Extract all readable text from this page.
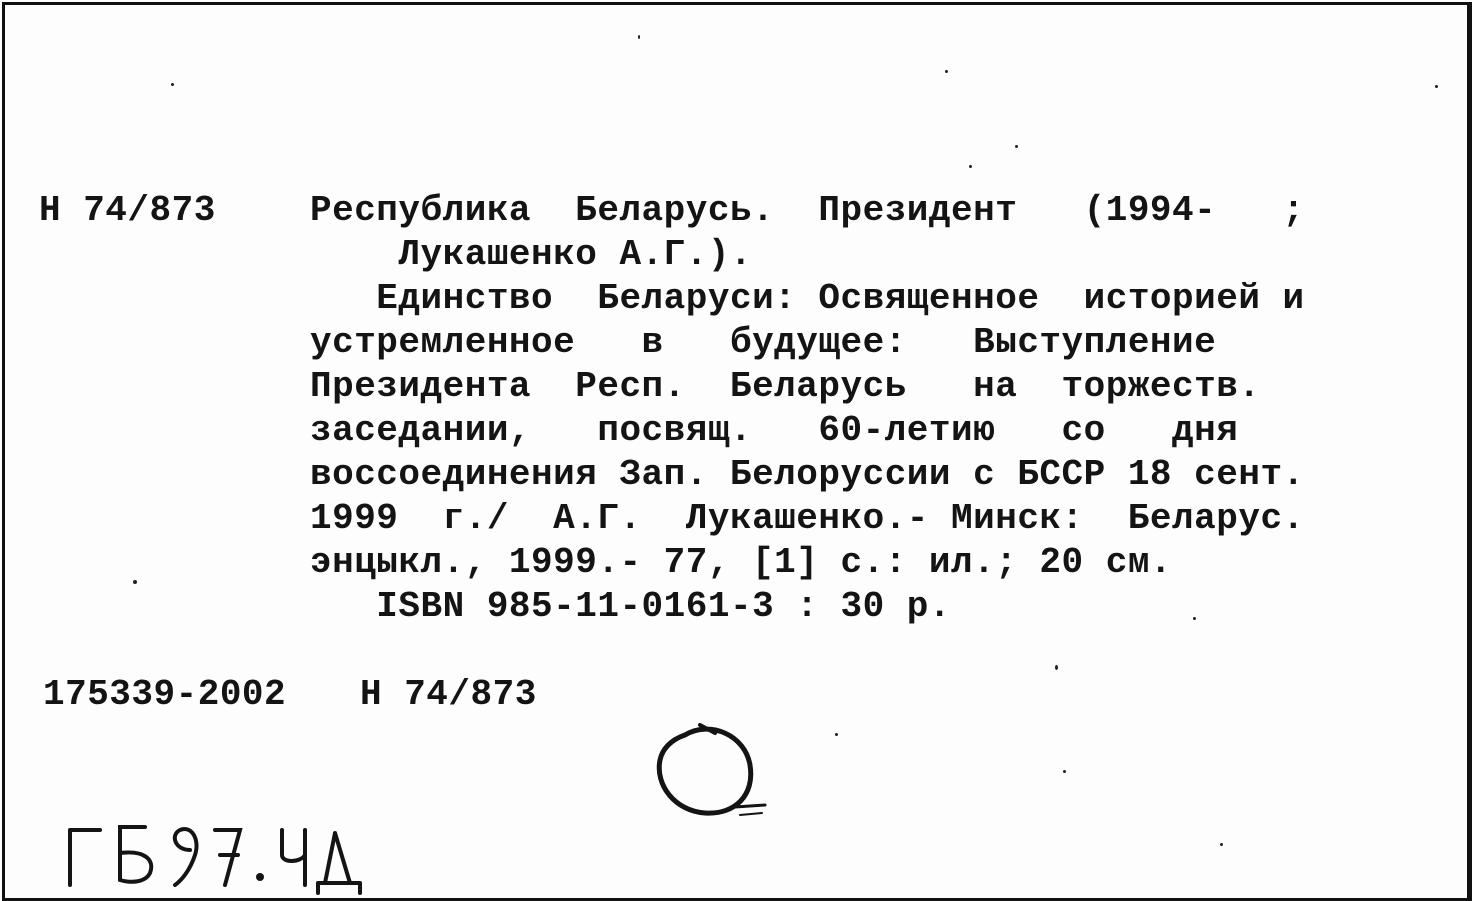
Н 74/873

	Республика  Беларусь.  Президент   (1994-   ;

Лукашенко А.Г.).

Единство  Беларуси: Освященное  историей и

устремленное   в   будущее:   Выступление

Президента  Респ.  Беларусь   на  торжеств.

заседании,   посвящ.   60-летию   со   дня

воссоединения Зап. Белоруссии с БССР 18 сент.

1999  г./  А.Г.  Лукашенко.- Минск:  Беларус.

энцыкл., 1999.- 77, [1] с.: ил.; 20 см.

ISBN 985-11-0161-3 : 30 р.

175339-2002 Н 74/873
